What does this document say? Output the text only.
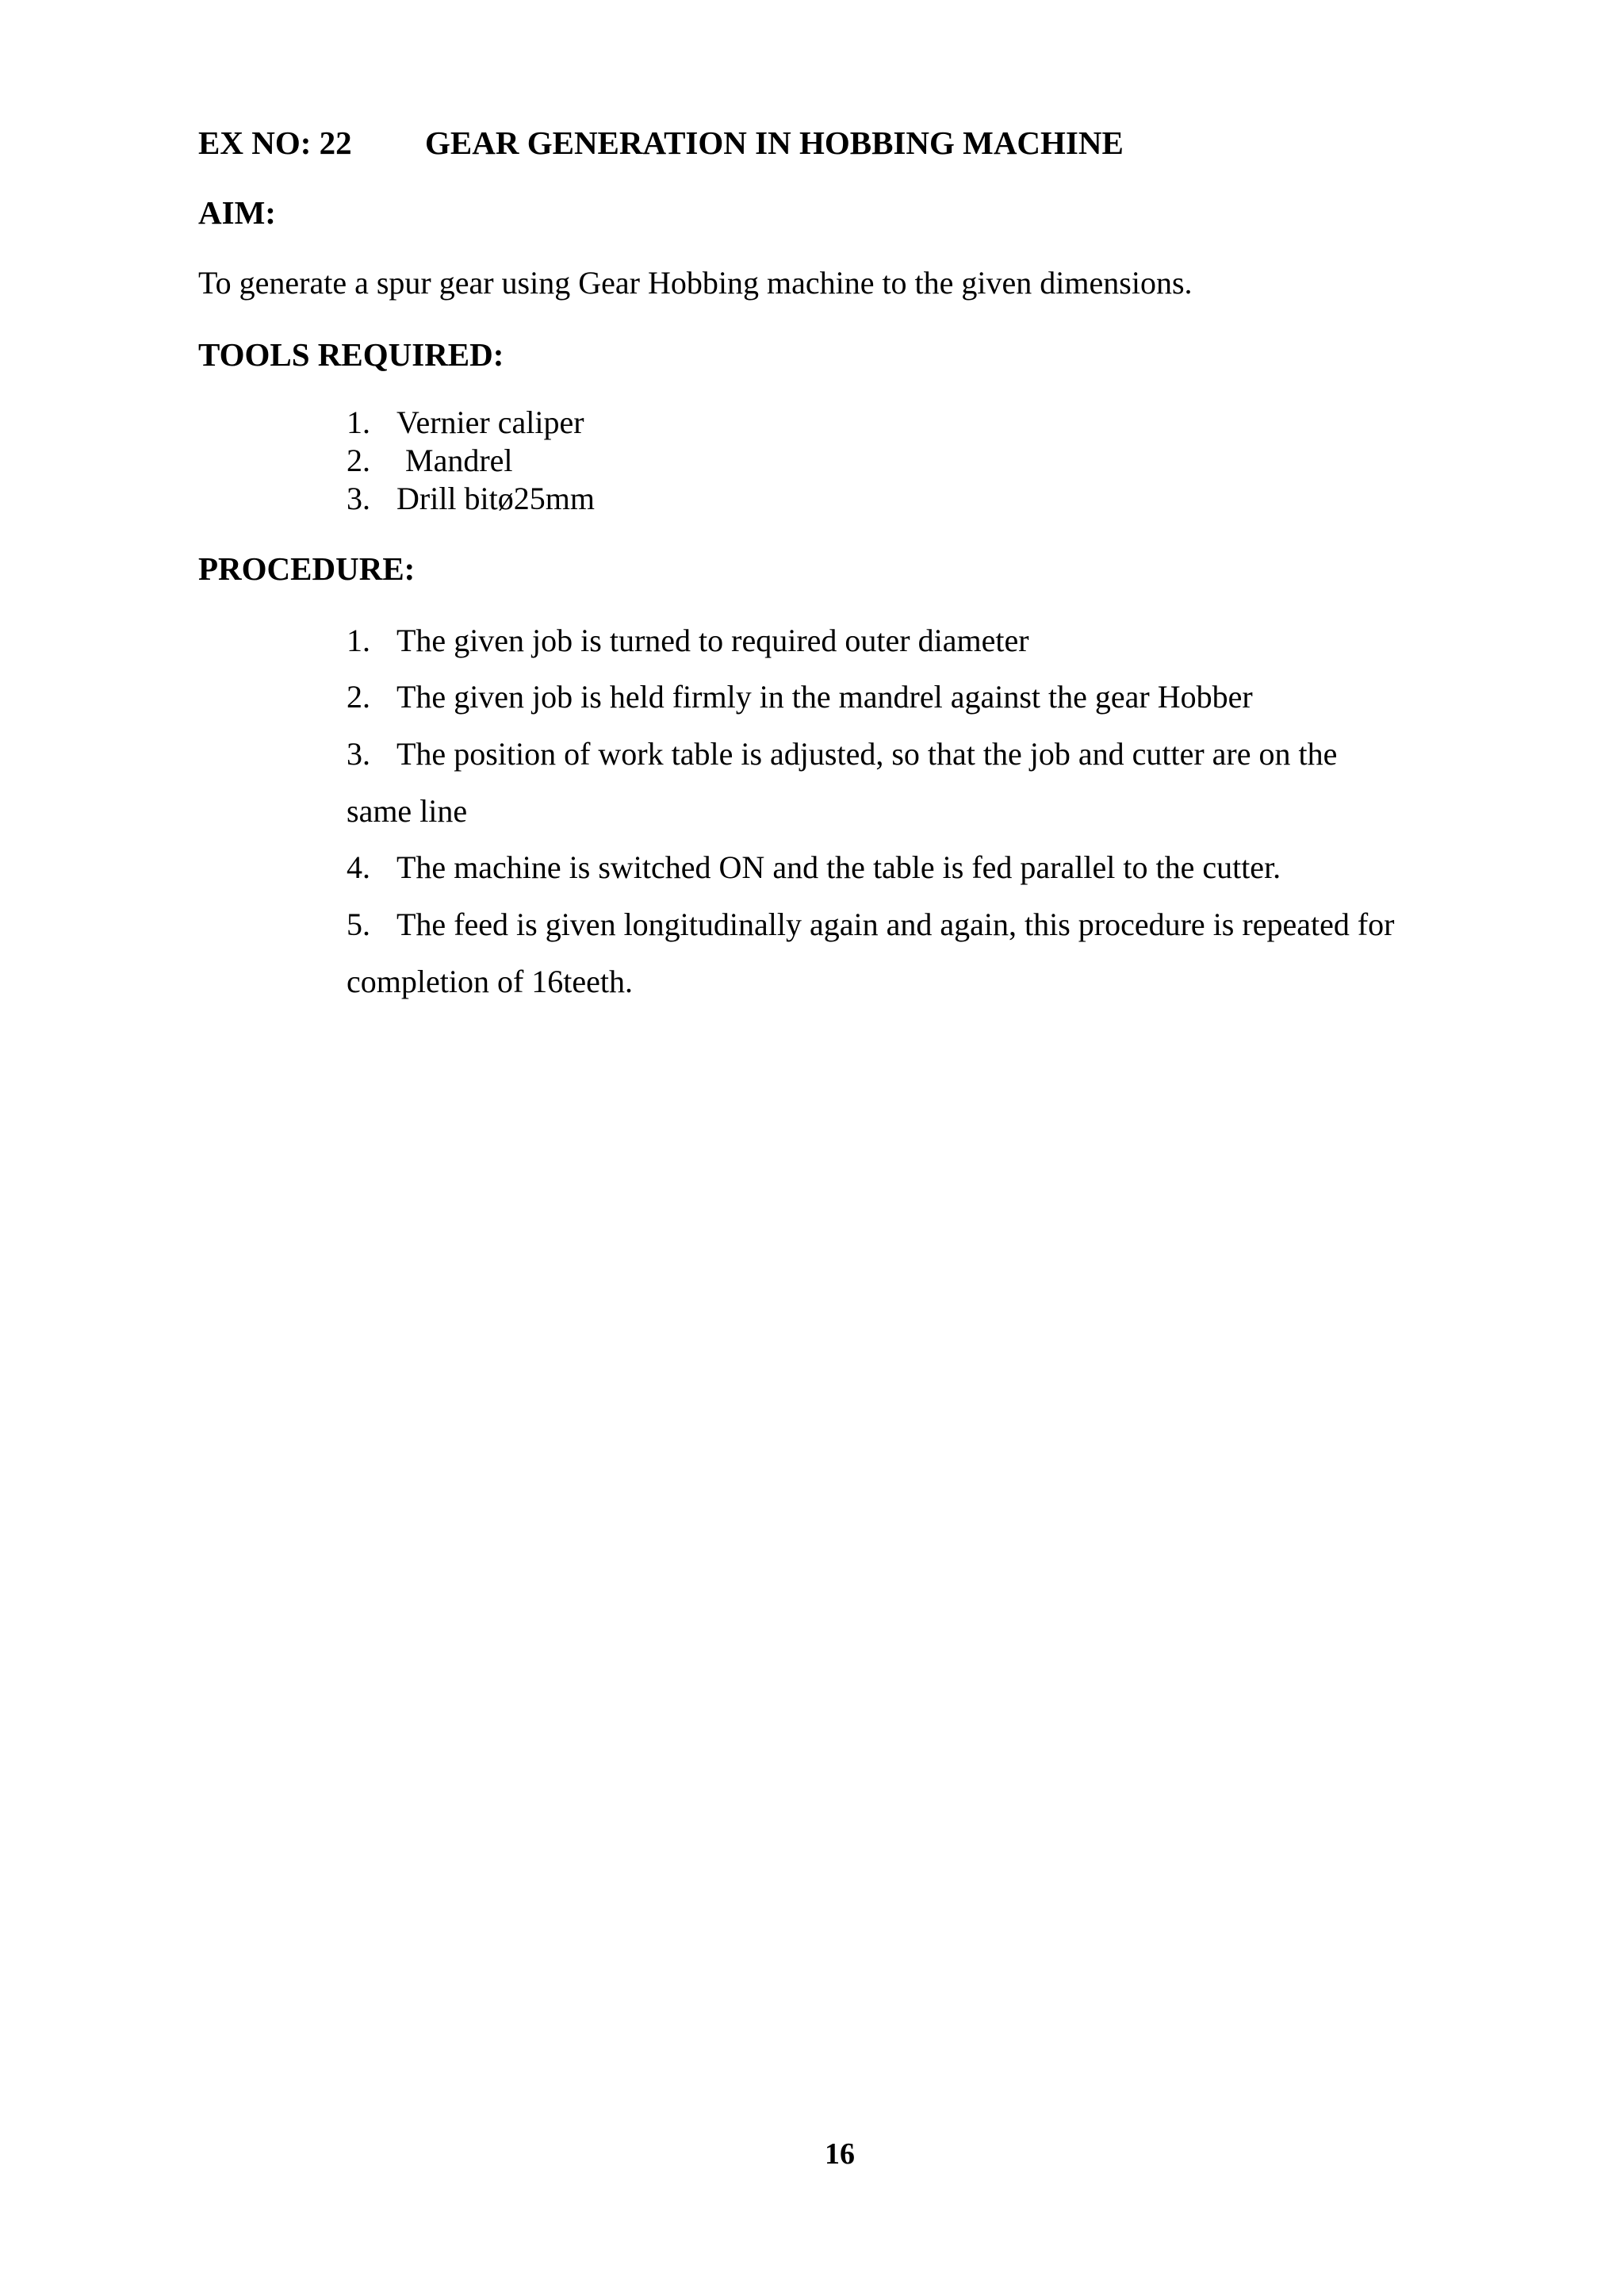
EX NO: 22 GEAR GENERATION IN HOBBING MACHINE
AIM:
To generate a spur gear using Gear Hobbing machine to the given dimensions.
TOOLS REQUIRED:
1. Vernier caliper
2. Mandrel
3. Drill bitø25mm
PROCEDURE:
1. The given job is turned to required outer diameter
2. The given job is held firmly in the mandrel against the gear Hobber
3. The position of work table is adjusted, so that the job and cutter are on the
same line
4. The machine is switched ON and the table is fed parallel to the cutter.
5. The feed is given longitudinally again and again, this procedure is repeated for
completion of 16teeth.
16
